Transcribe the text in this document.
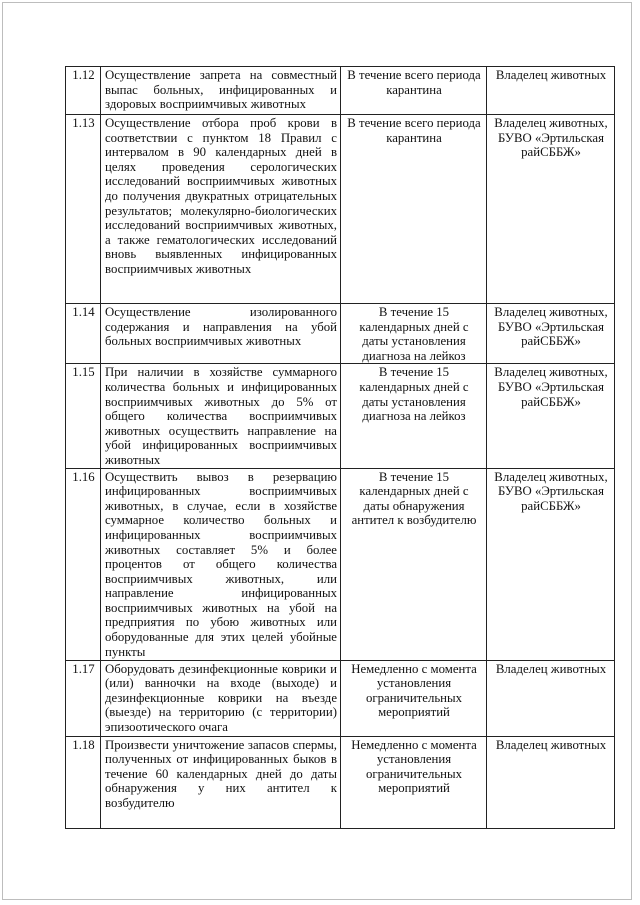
1.12	Осуществление запрета на совместный выпас больных, инфицированных и здоровых восприимчивых животных	В течение всего периода карантина	Владелец животных
1.13	Осуществление отбора проб крови в соответствии с пунктом 18 Правил с интервалом в 90 календарных дней в целях проведения серологических исследований восприимчивых животных до получения двукратных отрицательных результатов; молекулярно-биологических исследований восприимчивых животных, а также гематологических исследований вновь выявленных инфицированных восприимчивых животных	В течение всего периода карантина	Владелец животных, БУВО «Эртильская райСББЖ»
1.14	Осуществление изолированного содержания и направления на убой больных восприимчивых животных	В течение 15 календарных дней с даты установления диагноза на лейкоз	Владелец животных, БУВО «Эртильская райСББЖ»
1.15	При наличии в хозяйстве суммарного количества больных и инфицированных восприимчивых животных до 5% от общего количества восприимчивых животных осуществить направление на убой инфицированных восприимчивых животных	В течение 15 календарных дней с даты установления диагноза на лейкоз	Владелец животных, БУВО «Эртильская райСББЖ»
1.16	Осуществить вывоз в резервацию инфицированных восприимчивых животных, в случае, если в хозяйстве суммарное количество больных и инфицированных восприимчивых животных составляет 5% и более процентов от общего количества восприимчивых животных, или направление инфицированных восприимчивых животных на убой на предприятия по убою животных или оборудованные для этих целей убойные пункты	В течение 15 календарных дней с даты обнаружения антител к возбудителю	Владелец животных, БУВО «Эртильская райСББЖ»
1.17	Оборудовать дезинфекционные коврики и (или) ванночки на входе (выходе) и дезинфекционные коврики на въезде (выезде) на территорию (с территории) эпизоотического очага	Немедленно с момента установления ограничительных мероприятий	Владелец животных
1.18	Произвести уничтожение запасов спермы, полученных от инфицированных быков в течение 60 календарных дней до даты обнаружения у них антител к возбудителю	Немедленно с момента установления ограничительных мероприятий	Владелец животных
